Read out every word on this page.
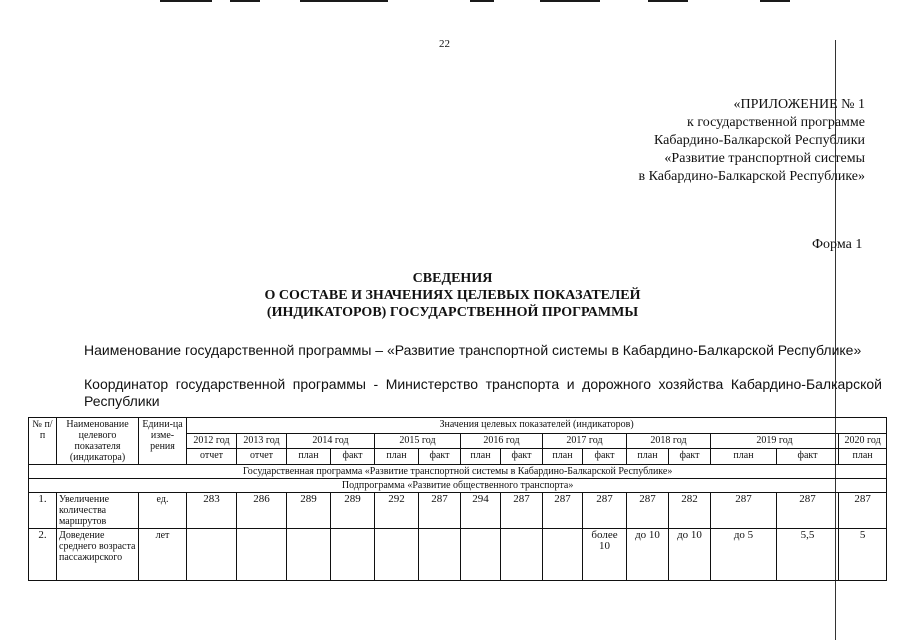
22
«ПРИЛОЖЕНИЕ № 1
к государственной программе
Кабардино-Балкарской Республики
«Развитие транспортной системы
в Кабардино-Балкарской Республике»
Форма 1
СВЕДЕНИЯ
О СОСТАВЕ И ЗНАЧЕНИЯХ ЦЕЛЕВЫХ ПОКАЗАТЕЛЕЙ
(ИНДИКАТОРОВ) ГОСУДАРСТВЕННОЙ ПРОГРАММЫ
Наименование государственной программы – «Развитие транспортной системы в Кабардино-Балкарской Республике»
Координатор государственной программы - Министерство транспорта и дорожного хозяйства Кабардино-Балкарской Республики
№ п/п	Наименование целевого показателя (индикатора)	Едини-ца изме-рения	Значения целевых показателей (индикаторов)														
			2012 год	2013 год	2014 год		2015 год		2016 год		2017 год		2018 год		2019 год		2020 год
			отчет	отчет	план	факт	план	факт	план	факт	план	факт	план	факт	план	факт	план
Государственная программа «Развитие транспортной системы в Кабардино-Балкарской Республике»																	
Подпрограмма «Развитие общественного транспорта»																	
1.	Увеличение количества маршрутов	ед.	283	286	289	289	292	287	294	287	287	287	287	282	287	287	287
2.	Доведение среднего возраста пассажирского	лет										более 10	до 10	до 10	до 5	5,5	5
